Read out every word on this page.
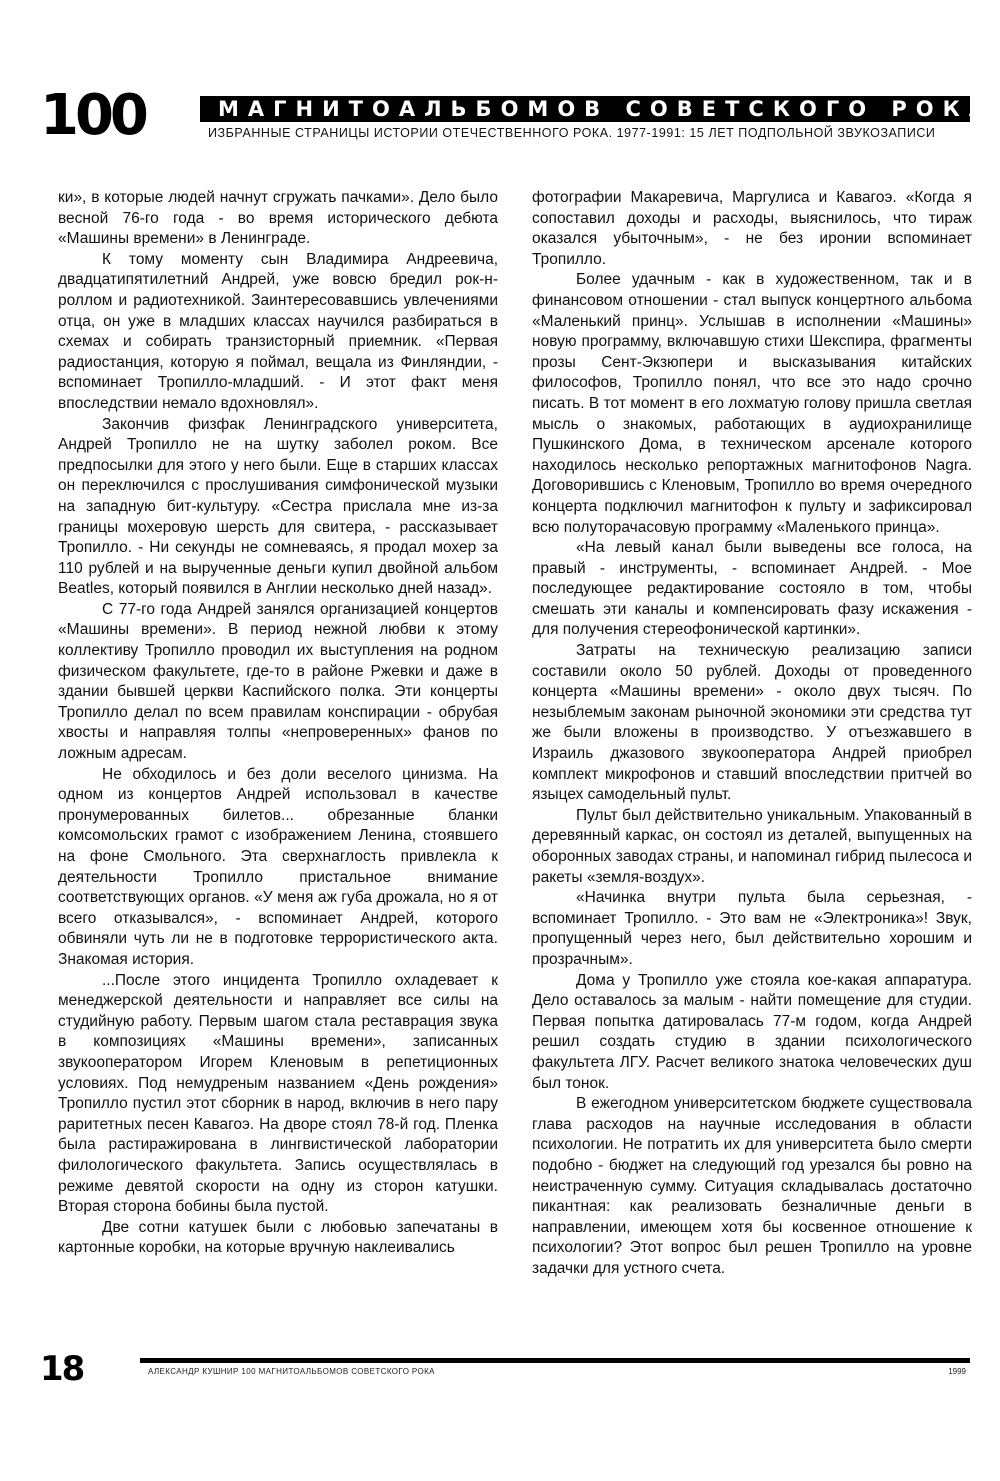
100	МАГНИТОАЛЬБОМОВ СОВЕТСКОГО РОКА
ИЗБРАННЫЕ СТРАНИЦЫ ИСТОРИИ ОТЕЧЕСТВЕННОГО РОКА. 1977-1991: 15 ЛЕТ ПОДПОЛЬНОЙ ЗВУКОЗАПИСИ

ки», в которые людей начнут сгружать пачками». Дело было весной 76-го года - во время исторического дебюта «Машины времени» в Ленинграде.

К тому моменту сын Владимира Андреевича, двадцатипятилетний Андрей, уже вовсю бредил рок-н-роллом и радиотехникой. Заинтересовавшись увлечениями отца, он уже в младших классах научился разбираться в схемах и собирать транзисторный приемник. «Первая радиостанция, которую я поймал, вещала из Финляндии, - вспоминает Тропилло-младший. - И этот факт меня впоследствии немало вдохновлял».

Закончив физфак Ленинградского университета, Андрей Тропилло не на шутку заболел роком. Все предпосылки для этого у него были. Еще в старших классах он переключился с прослушивания симфонической музыки на западную бит-культуру. «Сестра прислала мне из-за границы мохеровую шерсть для свитера, - рассказывает Тропилло. - Ни секунды не сомневаясь, я продал мохер за 110 рублей и на вырученные деньги купил двойной альбом Beatles, который появился в Англии несколько дней назад».

С 77-го года Андрей занялся организацией концертов «Машины времени». В период нежной любви к этому коллективу Тропилло проводил их выступления на родном физическом факультете, где-то в районе Ржевки и даже в здании бывшей церкви Каспийского полка. Эти концерты Тропилло делал по всем правилам конспирации - обрубая хвосты и направляя толпы «непроверенных» фанов по ложным адресам.

Не обходилось и без доли веселого цинизма. На одном из концертов Андрей использовал в качестве пронумерованных билетов... обрезанные бланки комсомольских грамот с изображением Ленина, стоявшего на фоне Смольного. Эта сверхнаглость привлекла к деятельности Тропилло пристальное внимание соответствующих органов. «У меня аж губа дрожала, но я от всего отказывался», - вспоминает Андрей, которого обвиняли чуть ли не в подготовке террористического акта. Знакомая история.

...После этого инцидента Тропилло охладевает к менеджерской деятельности и направляет все силы на студийную работу. Первым шагом стала реставрация звука в композициях «Машины времени», записанных звукооператором Игорем Кленовым в репетиционных условиях. Под немудреным названием «День рождения» Тропилло пустил этот сборник в народ, включив в него пару раритетных песен Кавагоэ. На дворе стоял 78-й год. Пленка была растиражирована в лингвистической лаборатории филологического факультета. Запись осуществлялась в режиме девятой скорости на одну из сторон катушки. Вторая сторона бобины была пустой.

Две сотни катушек были с любовью запечатаны в картонные коробки, на которые вручную наклеивались

фотографии Макаревича, Маргулиса и Кавагоэ. «Когда я сопоставил доходы и расходы, выяснилось, что тираж оказался убыточным», - не без иронии вспоминает Тропилло.

Более удачным - как в художественном, так и в финансовом отношении - стал выпуск концертного альбома «Маленький принц». Услышав в исполнении «Машины» новую программу, включавшую стихи Шекспира, фрагменты прозы Сент-Экзюпери и высказывания китайских философов, Тропилло понял, что все это надо срочно писать. В тот момент в его лохматую голову пришла светлая мысль о знакомых, работающих в аудиохранилище Пушкинского Дома, в техническом арсенале которого находилось несколько репортажных магнитофонов Nagra. Договорившись с Кленовым, Тропилло во время очередного концерта подключил магнитофон к пульту и зафиксировал всю полуторачасовую программу «Маленького принца».

«На левый канал были выведены все голоса, на правый - инструменты, - вспоминает Андрей. - Мое последующее редактирование состояло в том, чтобы смешать эти каналы и компенсировать фазу искажения - для получения стереофонической картинки».

Затраты на техническую реализацию записи составили около 50 рублей. Доходы от проведенного концерта «Машины времени» - около двух тысяч. По незыблемым законам рыночной экономики эти средства тут же были вложены в производство. У отъезжавшего в Израиль джазового звукооператора Андрей приобрел комплект микрофонов и ставший впоследствии притчей во языцех самодельный пульт.

Пульт был действительно уникальным. Упакованный в деревянный каркас, он состоял из деталей, выпущенных на оборонных заводах страны, и напоминал гибрид пылесоса и ракеты «земля-воздух».

«Начинка внутри пульта была серьезная, - вспоминает Тропилло. - Это вам не «Электроника»! Звук, пропущенный через него, был действительно хорошим и прозрачным».

Дома у Тропилло уже стояла кое-какая аппаратура. Дело оставалось за малым - найти помещение для студии. Первая попытка датировалась 77-м годом, когда Андрей решил создать студию в здании психологического факультета ЛГУ. Расчет великого знатока человеческих душ был тонок.

В ежегодном университетском бюджете существовала глава расходов на научные исследования в области психологии. Не потратить их для университета было смерти подобно - бюджет на следующий год урезался бы ровно на неистраченную сумму. Ситуация складывалась достаточно пикантная: как реализовать безналичные деньги в направлении, имеющем хотя бы косвенное отношение к психологии? Этот вопрос был решен Тропилло на уровне задачки для устного счета.

18	АЛЕКСАНДР КУШНИР 100 МАГНИТОАЛЬБОМОВ СОВЕТСКОГО РОКА	1999
